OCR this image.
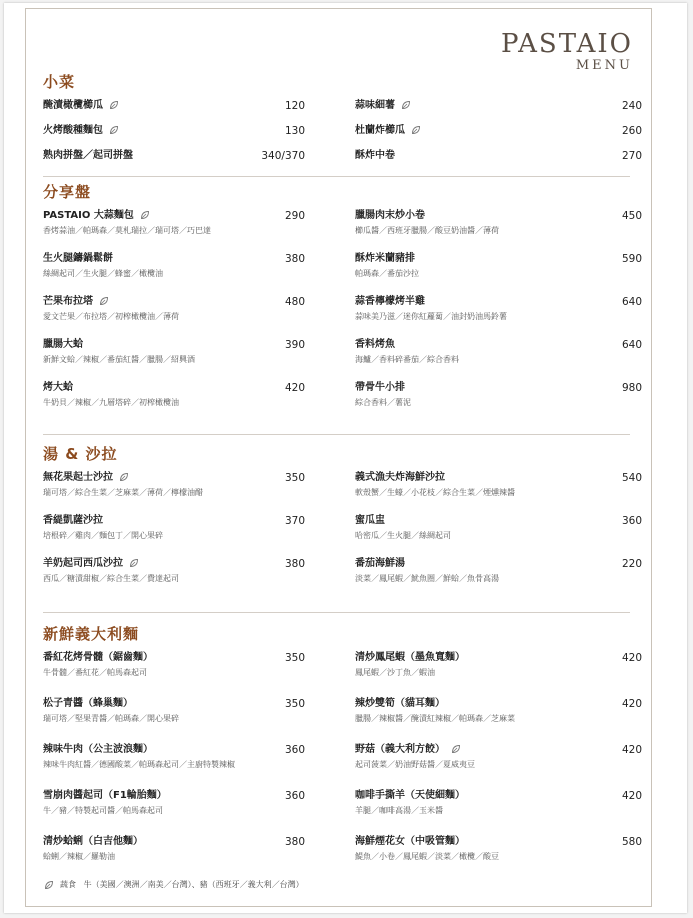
PASTAIO
MENU
小菜
醃漬橄欖櫛瓜	120	蒜味細薯	240
火烤酸種麵包	130	杜蘭炸櫛瓜	260
熟肉拼盤／起司拼盤	340/370	酥炸中卷	270
分享盤
PASTAIO 大蒜麵包	290
香烤蒜油／帕瑪森／莫札瑞拉／瑞可塔／巧巴達
臘腸肉末炒小卷	450
櫛瓜醬／西班牙臘腸／酸豆奶油醬／薄荷
生火腿鑄鍋鬆餅	380
絲綢起司／生火腿／蜂蜜／橄欖油
酥炸米蘭豬排	590
帕瑪森／番茄沙拉
芒果布拉塔	480
愛文芒果／布拉塔／初榨橄欖油／薄荷
蒜香檸檬烤半雞	640
蒜味美乃滋／迷你紅蘿蔔／油封奶油馬鈴薯
臘腸大蛤	390
新鮮文蛤／辣椒／番茄紅醬／臘腸／紹興酒
香料烤魚	640
海鱸／香料碎番茄／綜合香料
烤大蛤	420
牛奶貝／辣椒／九層塔碎／初榨橄欖油
帶骨牛小排	980
綜合香料／薯泥
湯 & 沙拉
無花果起士沙拉	350
瑞可塔／綜合生菜／芝麻菜／薄荷／檸檬油醋
義式漁夫炸海鮮沙拉	540
軟殼蟹／生蠔／小花枝／綜合生菜／煙燻辣醬
香緹凱薩沙拉	370
培根碎／雞肉／麵包丁／開心果碎
蜜瓜盅	360
哈密瓜／生火腿／絲綢起司
羊奶起司西瓜沙拉	380
西瓜／糖漬甜椒／綜合生菜／費達起司
番茄海鮮湯	220
淡菜／鳳尾蝦／魷魚圈／鮮蛤／魚骨高湯
新鮮義大利麵
番紅花烤骨髓（鋸齒麵）	350
牛骨髓／番紅花／帕馬森起司
清炒鳳尾蝦（墨魚寬麵）	420
鳳尾蝦／沙丁魚／蝦油
松子青醬（蜂巢麵）	350
瑞可塔／堅果青醬／帕瑪森／開心果碎
辣炒雙筍（貓耳麵）	420
臘腸／辣椒醬／醃漬紅辣椒／帕瑪森／芝麻菜
辣味牛肉（公主波浪麵）	360
辣味牛肉紅醬／德國酸菜／帕瑪森起司／主廚特製辣椒
野菇（義大利方餃）	420
起司菠菜／奶油野菇醬／夏威夷豆
雪崩肉醬起司（F1輪胎麵）	360
牛／豬／特製起司醬／帕馬森起司
咖啡手撕羊（天使細麵）	420
羊腿／咖啡高湯／玉米醬
清炒蛤蜊（白吉他麵）	380
蛤蜊／辣椒／羅勒油
海鮮煙花女（中吸管麵）	580
鯷魚／小卷／鳳尾蝦／淡菜／橄欖／酸豆
蔬食 牛（美國／澳洲／南美／台灣）、豬（西班牙／義大利／台灣）
